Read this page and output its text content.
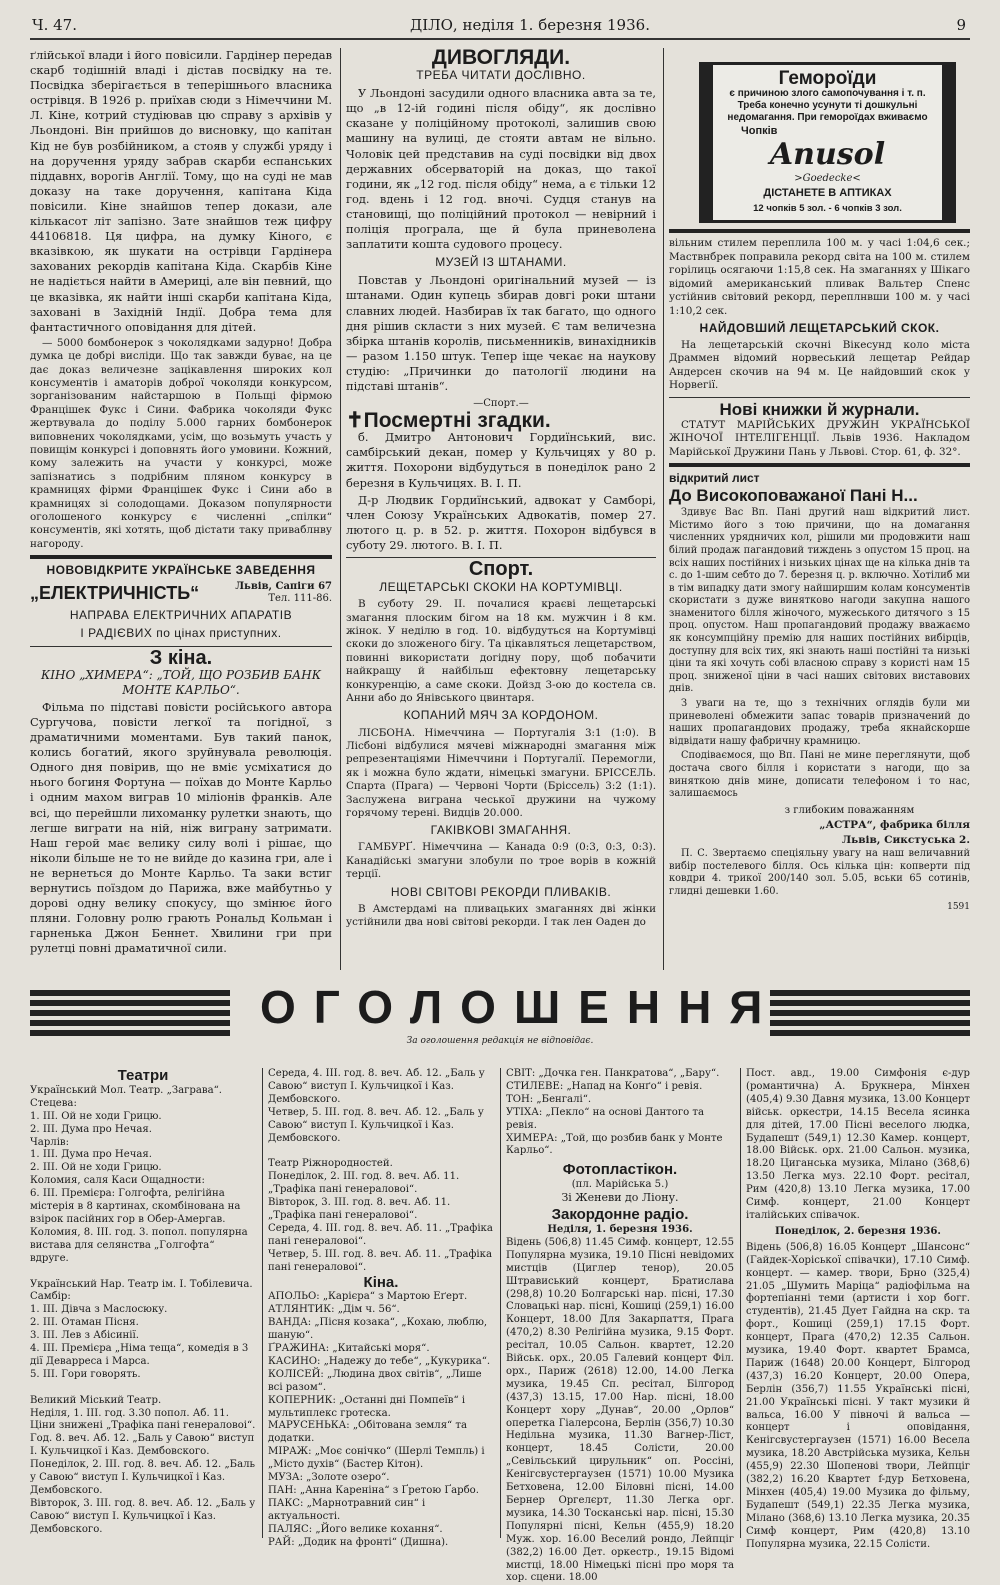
Ч. 47.	ДІЛО, неділя 1. березня 1936.	9

ґлійської влади і його повісили. Гардінер передав скарб тодішній владі і дістав посвідку на те. Посвідка зберігається в теперішнього власника острівця. В 1926 р. приїхав сюди з Німеччини М. Л. Кіне, котрий студіював цю справу з архівів у Льондоні. Він прийшов до висновку, що капітан Кід не був розбійником, а стояв у службі уряду і на доручення уряду забрав скарби еспанських піддавнх, ворогів Англії. Тому, що на суді не мав доказу на таке доручення, капітана Кіда повісили. Кіне знайшов тепер докази, але кількасот літ запізно. Зате знайшов теж цифру 44106818. Ця цифра, на думку Кіного, є вказівкою, як шукати на острівци Гардінера захованих рекордів капітана Кіда. Скарбів Кіне не надіється найти в Америці, але він певний, що це вказівка, як найти інші скарби капітана Кіда, заховані в Західній Індії. Добра тема для фантастичного оповідання для дітей.

— 5000 бомбонерок з чоколядками задурно! Добра думка це добрі висліди. Що так завжди буває, на це дає доказ величезне зацікавлення широких кол консументів і аматорів доброї чоколяди конкурсом, зорганізованим найстаршою в Польщі фірмою Францішек Фукс і Сини. Фабрика чоколяди Фукс жертвувала до поділу 5.000 гарних бомбонерок виповнених чоколядками, усім, що возьмуть участь у повищім конкурсі і доповнять його умовини. Кожний, кому залежить на участи у конкурсі, може запізнатись з подрібним пляном конкурсу в крамницях фірми Францішек Фукс і Сини або в крамницях зі солодощами. Доказом популярности оголошеного конкурсу є численні „спілки“ консументів, які хотять, щоб дістати таку приваблнву нагороду.

НОВОВІДКРИТЕ УКРАЇНСЬКЕ ЗАВЕДЕННЯ
„ЕЛЕКТРИЧНІСТЬ“	Львів, Сапіги 67
Тел. 111-86.
НАПРАВА ЕЛЕКТРИЧНИХ АПАРАТІВ
І РАДІЄВИХ по цінах приступних.
З кіна.
КІНО „ХИМЕРА“: „ТОЙ, ЩО РОЗБИВ БАНК МОНТЕ КАРЛЬО“.

Фільма по підставі повісти російського автора Сургучова, повісти легкої та погідної, з драматичними моментами. Був такий панок, колись богатий, якого зруйнувала революція. Одного дня повірив, що не вміє усміхатися до нього богиня Фортуна — поїхав до Монте Карльо і одним махом виграв 10 міліонів франків. Але всі, що перейшли лихоманку рулетки знають, що легше виграти на ній, ніж виграну затримати. Наш герой має велику силу волі і рішає, що ніколи більше не то не вийде до казина гри, але і не вернеться до Монте Карльо. Та заки встиг вернутись поїздом до Парижа, вже майбутньо у дорові одну велику спокусу, що змінює його пляни. Головну ролю грають Рональд Кольман і гарненька Джон Беннет. Хвилини гри при рулетці повні драматичної сили.

ДИВОГЛЯДИ.
ТРЕБА ЧИТАТИ ДОСЛІВНО.

У Льондоні засудили одного власника авта за те, що „в 12-ій годині після обіду“, як дослівно сказане у поліційному протоколі, залишив свою машину на вулиці, де стояти автам не вільно. Чоловік цей представив на суді посвідки від двох державних обсерваторій на доказ, що такої години, як „12 год. після обіду“ нема, а є тільки 12 год. вдень і 12 год. вночі. Судця станув на становищі, що поліційний протокол — невірний і поліція програла, ще й була приневолена заплатити кошта судового процесу.

МУЗЕЙ ІЗ ШТАНАМИ.

Повстав у Льондоні оригінальний музей — із штанами. Один купець збирав довгі роки штани славних людей. Назбирав їх так багато, що одного дня рішив скласти з них музей. Є там величезна збірка штанів королів, письменників, винахідників — разом 1.150 штук. Тепер іще чекає на наукову студію: „Причинки до патології людини на підставі штанів“.

—Спорт.—
✝Посмертні згадки.

б. Дмитро Антонович Гордиїнський, вис. самбірський декан, помер у Кульчицях у 80 р. життя. Похорони відбудуться в понеділок рано 2 березня в Кульчицях. В. І. П.

Д-р Людвик Гордиїнський, адвокат у Самборі, член Союзу Українських Адвокатів, помер 27. лютого ц. р. в 52. р. життя. Похорон відбувся в суботу 29. лютого. В. І. П.

Спорт.
ЛЕЩЕТАРСЬКІ СКОКИ НА КОРТУМІВЦІ.

В суботу 29. II. почалися краєві лещетарські змагання плоским бігом на 18 км. мужчин і 8 км. жінок. У неділю в год. 10. відбудуться на Кортумівці скоки до зложеного бігу. Та цікавляться лещетарством, повинні використати догідну пору, щоб побачити найкращу й найбільш ефектовну лещетарську конкуренцію, а саме скоки. Дойзд 3-ою до костела св. Анни або до Янівського цвинтаря.

КОПАНИЙ МЯЧ ЗА КОРДОНОМ.

ЛІСБОНА. Німеччина — Португалія 3:1 (1:0). В Лісбоні відбулися мячеві міжнародні змагання між репрезентаціями Німеччини і Португалії. Перемогли, як і можна було ждати, німецькі змагуни. БРІССЕЛЬ. Спарта (Прага) — Червоні Чорти (Бріссель) 3:2 (1:1). Заслужена виграна чеської дружини на чужому горячому терені. Видців 20.000.

ГАКІВКОВІ ЗМАГАННЯ.

ГАМБУРҐ. Німеччина — Канада 0:9 (0:3, 0:3, 0:3). Канадійські змагуни злобули по трое ворів в кожній терції.

НОВІ СВІТОВІ РЕКОРДИ ПЛИВАКІВ.

В Амстердамі на пливацьких змаганнях дві жінки устійнили два нові світові рекорди. І так лен Оаден до

Гемороїди
є причиною злого самопочування і т. п. Треба конечно усунути ті дошкульні недомагання. При гемороїдах вживаємо
Чопків
Anusol
>Goedecke<
ДІСТАНЕТЕ В АПТИКАХ
12 чопків 5 зол. - 6 чопків 3 зол.

вільним стилем переплила 100 м. у часі 1:04,6 сек.; Маствнбрек поправила рекорд світа на 100 м. стилем горілиць осягаючи 1:15,8 сек. На змаганнях у Шікаго відомий американський пливак Вальтер Спенс устійнив світовий рекорд, переплнвши 100 м. у часі 1:10,2 сек.

НАЙДОВШИЙ ЛЕЩЕТАРСЬКИЙ СКОК.

На лещетарській скочні Вікесунд коло міста Драммен відомий норвеський лещетар Рейдар Андерсен скочив на 94 м. Це найдовший скок у Норвегії.

Нові книжки й журнали.

СТАТУТ МАРІЙСЬКИХ ДРУЖИН УКРАЇНСЬКОЇ ЖІНОЧОЇ ІНТЕЛІГЕНЦІЇ. Львів 1936. Накладом Марійської Дружини Пань у Львові. Стор. 61, ф. 32°.

відкритий лист
До Високоповажаної Пані Н...

Здивує Вас Вп. Пані другий наш відкритий лист. Містимо його з тою причини, що на домагання численних урядничих кол, рішили ми продовжити наш білий продаж пагандовий тиждень з опустом 15 проц. на всіх наших постійних і низьких цінах ще на кілька днів та с. до 1-шим себто до 7. березня ц. р. включно. Хотілиб ми в тім випадку дати змогу найширшим колам консументів скористати з дуже винятково нагоди закупна нашого знаменитого білля жіночого, мужеського дитячого з 15 проц. опустом. Наш пропагандовий продажу вважаємо як консумпційну премію для наших постійних вибірців, доступну для всіх тих, які знають наші постійні та низькі ціни та які хочуть собі власною справу з користі нам 15 проц. зниженої ціни в часі наших світових виставових днів.

З уваги на те, що з технічних оглядів були ми приневолені обмежити запас товарів призначений до наших пропагандових продажу, треба якнайскорше відвідати нашу фабричну крамницю.

Сподіваємося, що Вп. Пані не мине переглянути, щоб достача свого білля і користати з нагоди, що за виняткою днів мине, дописати телефоном і то нас, залишаємось

з глибоким поважанням
„АСТРА“, фабрика білля
Львів, Сикстуська 2.

П. С. Звертаємо спеціяльну увагу на наш величавний вибір постелевого білля. Ось кілька цін: копверти під ковдри 4. трикої 200/140 зол. 5.05, вськи 65 сотинів, глидні дешевки 1.60.

1591
ОГОЛОШЕННЯ
За оголошення редакція не відповідає.
Театри

Український Мол. Театр. „Заграва“.

Стецева:

1. III. Ой не ходи Грицю.

2. III. Дума про Нечая.

Чарлів:

1. III. Дума про Нечая.

2. III. Ой не ходи Грицю.

Коломия, саля Каси Ощадности:

6. III. Премієра: Голгофта, релігійна містерія в 8 картинах, скомбінована на взірок пасійних гор в Обер-Амергав.

Коломия, 8. III. год. 3. попол. популярна вистава для селянства „Голгофта“ вдруге.

Український Нар. Театр ім. І. Тобілевича.

Самбір:

1. III. Дівча з Маслосюку.

2. III. Отаман Пісня.

3. III. Лев з Абісинії.

4. III. Премієра „Німа теща“, комедія в 3 дії Деварреса і Марса.

5. III. Гори говорять.

Великий Міський Театр.

Неділя, 1. III. год. 3.30 попол. Аб. 11. Ціни знижені „Трафіка пані генераловоі“. Год. 8. веч. Аб. 12. „Баль у Савою“ виступ І. Кульчицкої і Каз. Дембовского.

Понеділок, 2. III. год. 8. веч. Аб. 12. „Баль у Савою“ виступ І. Кульчицкої і Каз. Дембовского.

Вівторок, 3. III. год. 8. веч. Аб. 12. „Баль у Савою“ виступ І. Кульчицкої і Каз. Дембовского.

Середа, 4. III. год. 8. веч. Аб. 12. „Баль у Савою“ виступ І. Кульчицкої і Каз. Дембовского.

Четвер, 5. III. год. 8. веч. Аб. 12. „Баль у Савою“ виступ І. Кульчицкої і Каз. Дембовского.

Театр Ріжнородностей.

Понеділок, 2. III. год. 8. веч. Аб. 11. „Трафіка пані генераловоі“.

Вівторок, 3. III. год. 8. веч. Аб. 11. „Трафіка пані генераловоі“.

Середа, 4. III. год. 8. веч. Аб. 11. „Трафіка пані генераловоі“.

Четвер, 5. III. год. 8. веч. Аб. 11. „Трафіка пані генераловоі“.

Кіна.

АПОЛЬО: „Карієра“ з Мартою Еґерт.

АТЛЯНТИК: „Дім ч. 56“.

ВАНДА: „Пісня козака“, „Кохаю, люблю, шаную“.

ҐРАЖИНА: „Китайські моря“.

КАСИНО: „Надежу до тебе“, „Кукурика“.

КОЛІСЕЙ: „Людина двох світів“, „Лише всі разом“.

КОПЕРНИК: „Останні дні Помпеїв“ і мультиплекс гротеска.

МАРУСЕНЬКА: „Обітована земля“ та додатки.

МІРАЖ: „Моє сонічко“ (Шерлі Темпль) і „Місто духів“ (Бастер Кітон).

МУЗА: „Золоте озеро“.

ПАН: „Анна Кареніна“ з Ґретою Ґарбо.

ПАКС: „Марнотравний син“ і актуальності.

ПАЛЯС: „Його велике кохання“.

РАЙ: „Додик на фронті“ (Дишна).

СВІТ: „Дочка ген. Панкратова“, „Бару“.

СТИЛЕВЕ: „Напад на Конґо“ і ревія.

ТОН: „Бенгалі“.

УТІХА: „Пекло“ на основі Дантого та ревія.

ХИМЕРА: „Той, що розбив банк у Монте Карльо“.

Фотопластікон.
(пл. Марійська 5.)
Зі Женеви до Ліону.
Закордонне радіо.
Неділя, 1. березня 1936.

Відень (506,8) 11.45 Симф. концерт, 12.55 Популярна музика, 19.10 Пісні невідомих мистців (Циглер тенор), 20.05 Штрависький концерт, Братислава (298,8) 10.20 Болгарські нар. пісні, 17.30 Словацькі нар. пісні, Кошиці (259,1) 16.00 Концерт, 18.00 Для Закарпаття, Прага (470,2) 8.30 Релігійна музика, 9.15 Форт. ресітал, 10.05 Сальон. квартет, 12.20 Військ. орх., 20.05 Галевий концерт Філ. орх., Париж (2618) 12.00, 14.00 Легка музика, 19.45 Сп. ресітал, Білгород (437,3) 13.15, 17.00 Нар. пісні, 18.00 Концерт хору „Дунав“, 20.00 „Орлов“ оперетка Гіалерсона, Берлін (356,7) 10.30 Недільна музика, 11.30 Вагнер-Ліст, концерт, 18.45 Солісти, 20.00 „Севільський цирульник“ оп. Россіні, Кенігсвустергаузен (1571) 10.00 Музика Бетховена, 12.00 Біловні пісні, 14.00 Бернер Оргелєрт, 11.30 Легка орг. музика, 14.30 Тосканські нар. пісні, 15.30 Популярні пісні, Кельн (455,9) 18.20 Муж. хор. 16.00 Веселий рондо, Лейпціг (382,2) 16.00 Дет. оркестр., 19.15 Відомі мистці, 18.00 Німецькі пісні про моря та хор. сцени. 18.00

Пост. авд., 19.00 Симфонія є-дур (романтична) А. Брукнера, Мінхен (405,4) 9.30 Давня музика, 13.00 Концерт військ. оркестри, 14.15 Весела ясинка для дітей, 17.00 Пісні веселого людка, Будапешт (549,1) 12.30 Камер. концерт, 18.00 Військ. орх. 21.00 Сальон. музика, 18.20 Циганська музика, Мілано (368,6) 13.50 Легка муз. 22.10 Форт. ресітал, Рим (420,8) 13.10 Легка музика, 17.00 Симф. концерт, 21.00 Концерт італійських співачок.

Понеділок, 2. березня 1936.

Відень (506,8) 16.05 Концерт „Шансонс“ (Гайдек-Хоріської співачки), 17.10 Симф. концерт. — камер. твори, Брно (325,4) 21.05 „Шумить Маріца“ радіофільма на фортепіанні теми (артисти і хор богг. студентів), 21.45 Дует Гайдна на скр. та форт., Кошиці (259,1) 17.15 Форт. концерт, Прага (470,2) 12.35 Сальон. музика, 19.40 Форт. квартет Брамса, Париж (1648) 20.00 Концерт, Білгород (437,3) 16.20 Концерт, 20.00 Опера, Берлін (356,7) 11.55 Українські пісні, 21.00 Українські пісні. У такт музики й вальса, 16.00 У півночі й вальса — концерт і оповідання, Кенігсвустергаузен (1571) 16.00 Весела музика, 18.20 Австрійська музика, Кельн (455,9) 22.30 Шопенові твори, Лейпціг (382,2) 16.20 Квартет f-дур Бетховена, Мінхен (405,4) 19.00 Музика до фільму, Будапешт (549,1) 22.35 Легка музика, Мілано (368,6) 13.10 Легка музика, 20.35 Симф концерт, Рим (420,8) 13.10 Популярна музика, 22.15 Солісти.
